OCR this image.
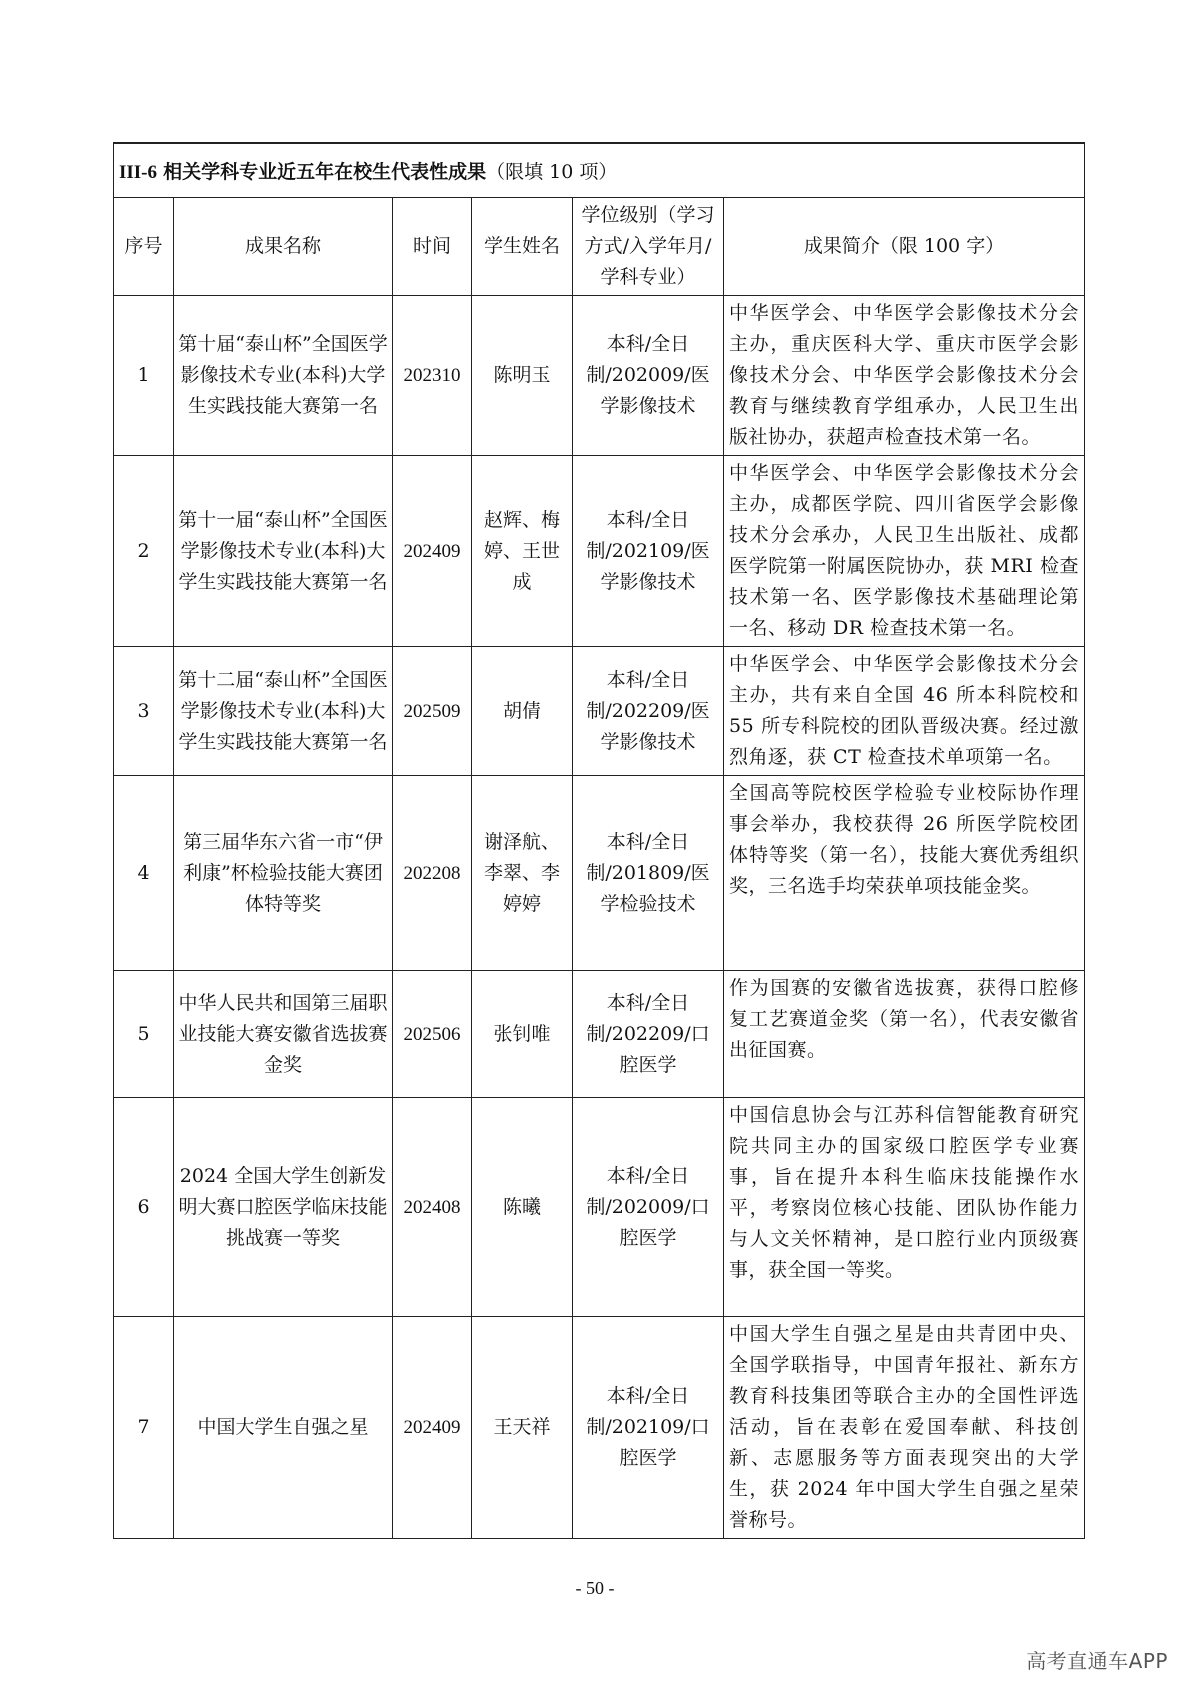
III-6 相关学科专业近五年在校生代表性成果（限填 10 项）					
序号	成果名称	时间	学生姓名	学位级别（学习方式/入学年月/学科专业）	成果简介（限 100 字）
1	第十届“泰山杯”全国医学影像技术专业(本科)大学生实践技能大赛第一名	202310	陈明玉	本科/全日制/202009/医学影像技术	中华医学会、中华医学会影像技术分会主办，重庆医科大学、重庆市医学会影像技术分会、中华医学会影像技术分会教育与继续教育学组承办，人民卫生出版社协办，获超声检查技术第一名。
2	第十一届“泰山杯”全国医学影像技术专业(本科)大学生实践技能大赛第一名	202409	赵辉、梅婷、王世成	本科/全日制/202109/医学影像技术	中华医学会、中华医学会影像技术分会主办，成都医学院、四川省医学会影像技术分会承办，人民卫生出版社、成都医学院第一附属医院协办，获 MRI 检查技术第一名、医学影像技术基础理论第一名、移动 DR 检查技术第一名。
3	第十二届“泰山杯”全国医学影像技术专业(本科)大学生实践技能大赛第一名	202509	胡倩	本科/全日制/202209/医学影像技术	中华医学会、中华医学会影像技术分会主办，共有来自全国 46 所本科院校和 55 所专科院校的团队晋级决赛。经过激烈角逐，获 CT 检查技术单项第一名。
4	第三届华东六省一市“伊利康”杯检验技能大赛团体特等奖	202208	谢泽航、李翠、李婷婷	本科/全日制/201809/医学检验技术	全国高等院校医学检验专业校际协作理事会举办，我校获得 26 所医学院校团体特等奖（第一名），技能大赛优秀组织奖，三名选手均荣获单项技能金奖。
5	中华人民共和国第三届职业技能大赛安徽省选拔赛金奖	202506	张钊唯	本科/全日制/202209/口腔医学	作为国赛的安徽省选拔赛，获得口腔修复工艺赛道金奖（第一名），代表安徽省出征国赛。
6	2024 全国大学生创新发明大赛口腔医学临床技能挑战赛一等奖	202408	陈曦	本科/全日制/202009/口腔医学	中国信息协会与江苏科信智能教育研究院共同主办的国家级口腔医学专业赛事，旨在提升本科生临床技能操作水平，考察岗位核心技能、团队协作能力与人文关怀精神，是口腔行业内顶级赛事，获全国一等奖。
7	中国大学生自强之星	202409	王天祥	本科/全日制/202109/口腔医学	中国大学生自强之星是由共青团中央、全国学联指导，中国青年报社、新东方教育科技集团等联合主办的全国性评选活动，旨在表彰在爱国奉献、科技创新、志愿服务等方面表现突出的大学生，获 2024 年中国大学生自强之星荣誉称号。
- 50 -
高考直通车APP
